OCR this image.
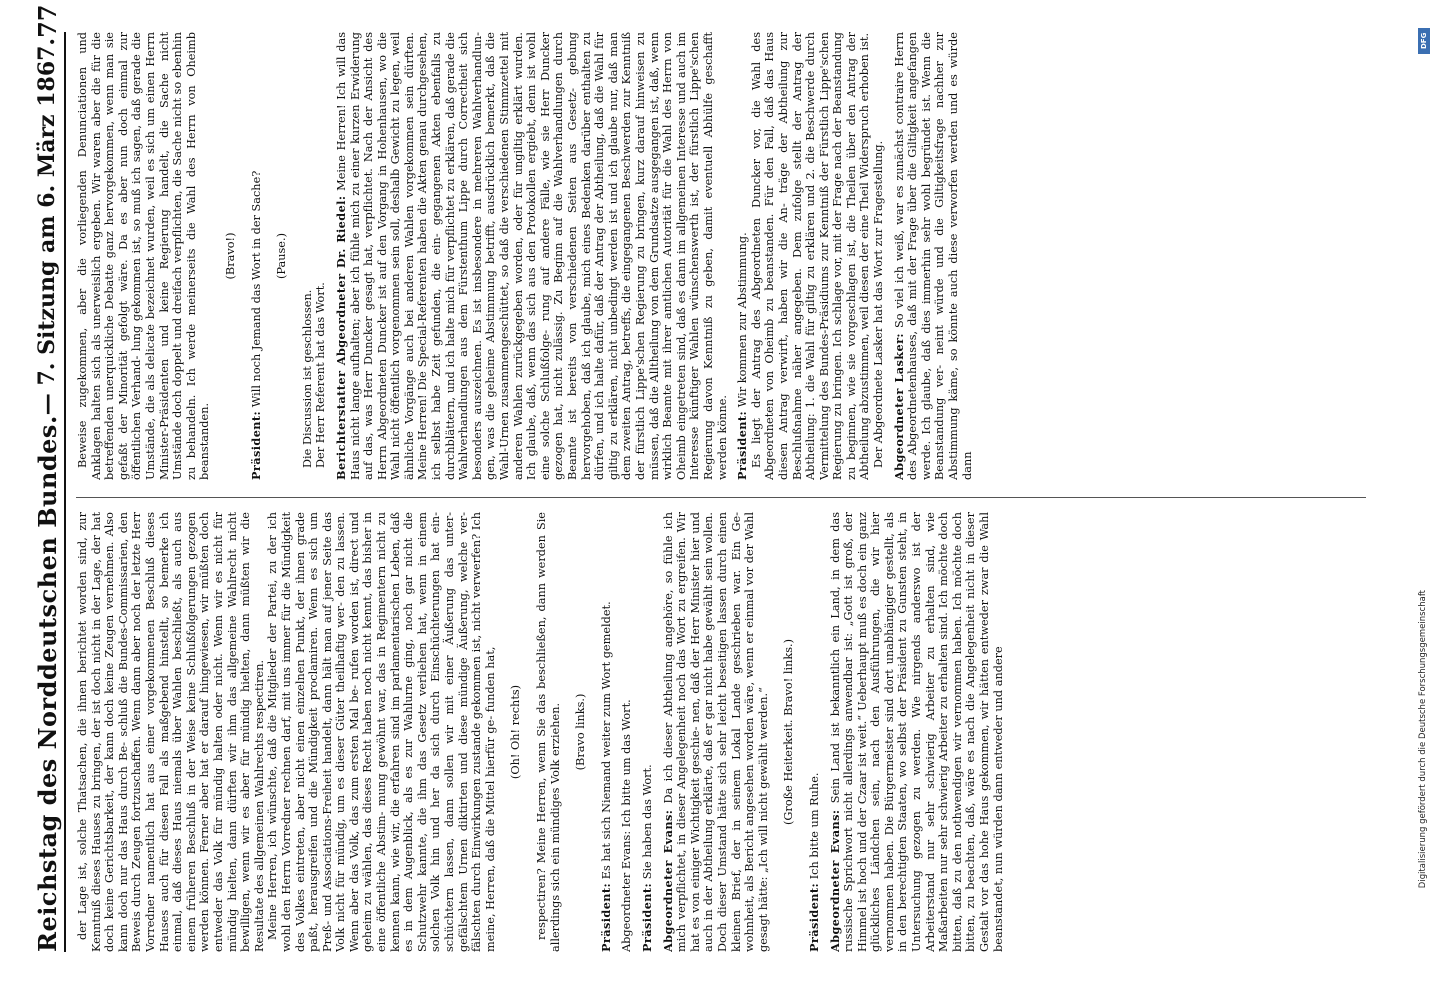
Reichstag des Norddeutschen Bundes.
— 7. Sitzung am 6. März 1867.
77

der Lage ist, solche Thatsachen, die ihnen berichtet worden sind, zur Kenntniß dieses Hauses zu bringen, der ist doch nicht in der Lage, der hat doch keine Gerichtsbarkeit, der kann doch keine Zeugen vernehmen. Also kann doch nur das Haus durch Be- schluß die Bundes-Commissarien, den Beweis durch Zeugen fortzuschaffen. Wenn dann aber noch der letzte Herr Vorredner namentlich hat aus einer vorgekommenen Beschluß dieses Hauses auch für diesen Fall als maßgebend hinstellt, so bemerke ich einmal, daß dieses Haus niemals über Wahlen beschließt, als auch aus einem früheren Beschluß in der Weise keine Schlußfolgerungen gezogen werden können. Ferner aber hat er darauf hingewiesen, wir müßten doch entweder das Volk für mündig halten oder nicht. Wenn wir es nicht für mündig hielten, dann dürften wir ihm das allgemeine Wahlrecht nicht bewilligen, wenn wir es aber für mündig hielten, dann müßten wir die Resultate des allgemeinen Wahlrechts respectiren. Meine Herren, ich wünschte, daß die Mitglieder der Partei, zu der ich wohl den Herrn Vorredner rechnen darf, mit uns immer für die Mündigkeit des Volkes eintreten, aber nicht einen einzelnen Punkt, der ihnen grade paßt, herausgreifen und die Mündigkeit proclamiren. Wenn es sich um Preß- und Associations-Freiheit handelt, dann hält man auf jener Seite das Volk nicht für mündig, um es dieser Güter theilhaftig wer- den zu lassen. Wenn aber das Volk, das zum ersten Mal be- rufen worden ist, direct und geheim zu wählen, das dieses Recht haben noch nicht kennt, das bisher in eine öffentliche Abstim- mung gewöhnt war, das in Regimentern nicht zu kennen kann, wie wir, die erfahren sind im parlamentarischen Leben, daß es in dem Augenblick, als es zur Wahlurne ging, noch gar nicht die Schutzwehr kannte, die ihm das Gesetz verliehen hat, wenn in einem solchen Volk hin und her da sich durch Einschüchterungen hat ein- schüchtern lassen, dann sollen wir mit einer Äußerung das unter- gefälschtem Urnen diktirten und diese mündige Äußerung, welche ver- fälschten durch Einwirkungen zustande gekommen ist, nicht verwerfen? Ich meine, Herren, daß die Mittel hierfür ge- funden hat, (Oh! Oh! rechts) respectiren? Meine Herren, wenn Sie das beschließen, dann werden Sie allerdings sich ein mündiges Volk erziehen. (Bravo links.)

Präsident: Es hat sich Niemand weiter zum Wort gemeldet. Abgeordneter Evans: Ich bitte um das Wort. Präsident: Sie haben das Wort. Abgeordneter Evans: Da ich dieser Abtheilung angehöre, so fühle ich mich verpflichtet, in dieser Angelegenheit noch das Wort zu ergreifen. Wir hat es von einiger Wichtigkeit geschie- nen, daß der Herr Minister hier und auch in der Abtheilung erklärte, daß er gar nicht habe gewählt sein wollen. Doch dieser Umstand hätte sich sehr leicht beseitigen lassen durch einen kleinen Brief, der in seinem Lokal Lande geschrieben war. Ein Ge- wohnheit, als Bericht angesehen worden wäre, wenn er einmal vor der Wahl gesagt hätte: „Ich will nicht gewählt werden.“ (Große Heiterkeit. Bravo! links.)

Präsident: Ich bitte um Ruhe. Abgeordneter Evans: Sein Land ist bekanntlich ein Land, in dem das russische Sprichwort nicht allerdings anwendbar ist: „Gott ist groß, der Himmel ist hoch und der Czaar ist weit.“ Ueberhaupt muß es doch ein ganz glückliches Ländchen sein, nach den Ausführungen, die wir hier vernommen haben. Die Bürgermeister sind dort unabhängiger gestellt, als in den berechtigten Staaten, wo selbst der Präsident zu Gunsten steht, in Untersuchung gezogen zu werden. Wie nirgends anderswo ist der Arbeiterstand nur sehr schwierig Arbeiter zu erhalten sind, wie Maßarbeiten nur sehr schwierig Arbeiter zu erhalten sind. Ich möchte doch bitten, daß zu den nothwendigen wir vernommen haben. Ich möchte doch bitten, zu beachten, daß, wäre es nach die Angelegenheit nicht in dieser Gestalt vor das hohe Haus gekommen, wir hätten entweder zwar die Wahl beanstandet, nun würden dann entweder und andere

Beweise zugekommen, aber die vorliegenden Denunciationen und Anklagen halten sich als unerweislich ergeben. Wir waren aber die für die betreffenden unerquickliche Debatte ganz hervorgekommen, wenn man sie gefaßt der Minorität gefolgt wäre. Da es aber nun doch einmal zur öffentlichen Verhand- lung gekommen ist, so muß ich sagen, daß gerade die Umstände, die als delicate bezeichnet wurden, weil es sich um einen Herrn Minister-Präsidenten und keine Regierung handelt, die Sache nicht Umstände doch doppelt und dreifach verpflichten, die Sache nicht so ebenhin zu behandeln. Ich werde meinerseits die Wahl des Herrn von Oheimb beanstanden.

(Bravo!)

Präsident: Will noch Jemand das Wort in der Sache? (Pause.)

Die Discussion ist geschlossen. Der Herr Referent hat das Wort. Berichterstatter Abgeordneter Dr. Riedel: Meine Herren! Ich will das Haus nicht lange aufhalten; aber ich fühle mich zu einer kurzen Erwiderung auf das, was Herr Duncker gesagt hat, verpflichtet. Nach der Ansicht des Herrn Abgeordneten Duncker ist auf den Vorgang in Hohenhausen, wo die Wahl nicht öffentlich vorgenommen sein soll, deshalb Gewicht zu legen, weil ähnliche Vorgänge auch bei anderen Wahlen vorgekommen sein dürften. Meine Herren! Die Special-Referenten haben die Akten genau durchgesehen, ich selbst habe Zeit gefunden, die ein- gegangenen Akten ebenfalls zu durchblättern, und ich halte mich für verpflichtet zu erklären, daß gerade die Wahlverhandlungen aus dem Fürstenthum Lippe durch Correctheit sich besonders auszeichnen. Es ist insbesondere in mehreren Wahlverhandlun- gen, was die geheime Abstimmung betrifft, ausdrücklich bemerkt, daß die Wahl-Urnen zusammengeschüttet, so daß die verschiedenen Stimmzettel mit anderen Wahlen zurückgegeben worden, oder für ungiltig erklärt wurden. Ich glaube, daß, wenn das sich aus den Protokollen ergiebt, denn ist wohl eine solche Schlußfolge- rung auf andere Fälle, wie sie Herr Duncker gezogen hat, nicht zulässig. Zu Beginn auf die Wahlverhandlungen durch Beamte ist bereits von verschiedenen Seiten aus Gesetz- gebung hervorgehoben, daß ich glaube, mich eines Bedenken darüber enthalten zu dürfen, und ich halte dafür, daß der Antrag der Abtheilung, daß die Wahl für giltig zu erklären, nicht unbedingt werden ist und ich glaube nur, daß man dem zweiten Antrag, betreffs, die eingegangenen Beschwerden zur Kenntniß der fürstlich Lippe'schen Regierung zu bringen, kurz darauf hinweisen zu müssen, daß die Alltheilung von dem Grundsatze ausgegangen ist, daß, wenn wirklich Beamte mit ihrer amtlichen Autorität für die Wahl des Herrn von Oheimb eingetreten sind, daß es dann im allgemeinen Interesse und auch im Interesse künftiger Wahlen wünschenswerth ist, der fürstlich Lippe'schen Regierung davon Kenntniß zu geben, damit eventuell Abhülfe geschafft werden könne. Präsident: Wir kommen zur Abstimmung. Es liegt der Antrag des Abgeordneten Duncker vor, die Wahl des Abgeordneten von Oheimb zu beanstanden. Für den Fall, daß das Haus diesen Antrag verwirft, haben wir die An- träge der Abtheilung zur Beschlußnahme näher angegeben. Dem zufolge stellt der Antrag der Abtheilung: 1. die Wahl für giltig zu erklären und 2. die Beschwerde durch Vermittelung des Bundes-Präsidiums zur Kenntniß der Fürstlich Lippe'schen Regierung zu bringen. Ich schlage vor, mit der Frage nach der Beanstandung zu beginnen, wie sie vorgeschlagen ist, die Theilen über den Antrag der Abtheilung abzustimmen, weil diesen der eine Theil Widerspruch erhoben ist. Der Abgeordnete Lasker hat das Wort zur Fragestellung. Abgeordneter Lasker: So viel ich weiß, war es zunächst contraire Herrn des Abgeordnetenhauses, daß mit der Frage über die Giltigkeit angefangen werde. Ich glaube, daß dies immerhin sehr wohl begründet ist. Wenn die Beanstandung ver- neint würde und die Giltigkeitsfrage nachher zur Abstimmung käme, so könnte auch diese verworfen werden und es würde dann

DFG
Digitalisierung gefördert durch die Deutsche Forschungsgemeinschaft
